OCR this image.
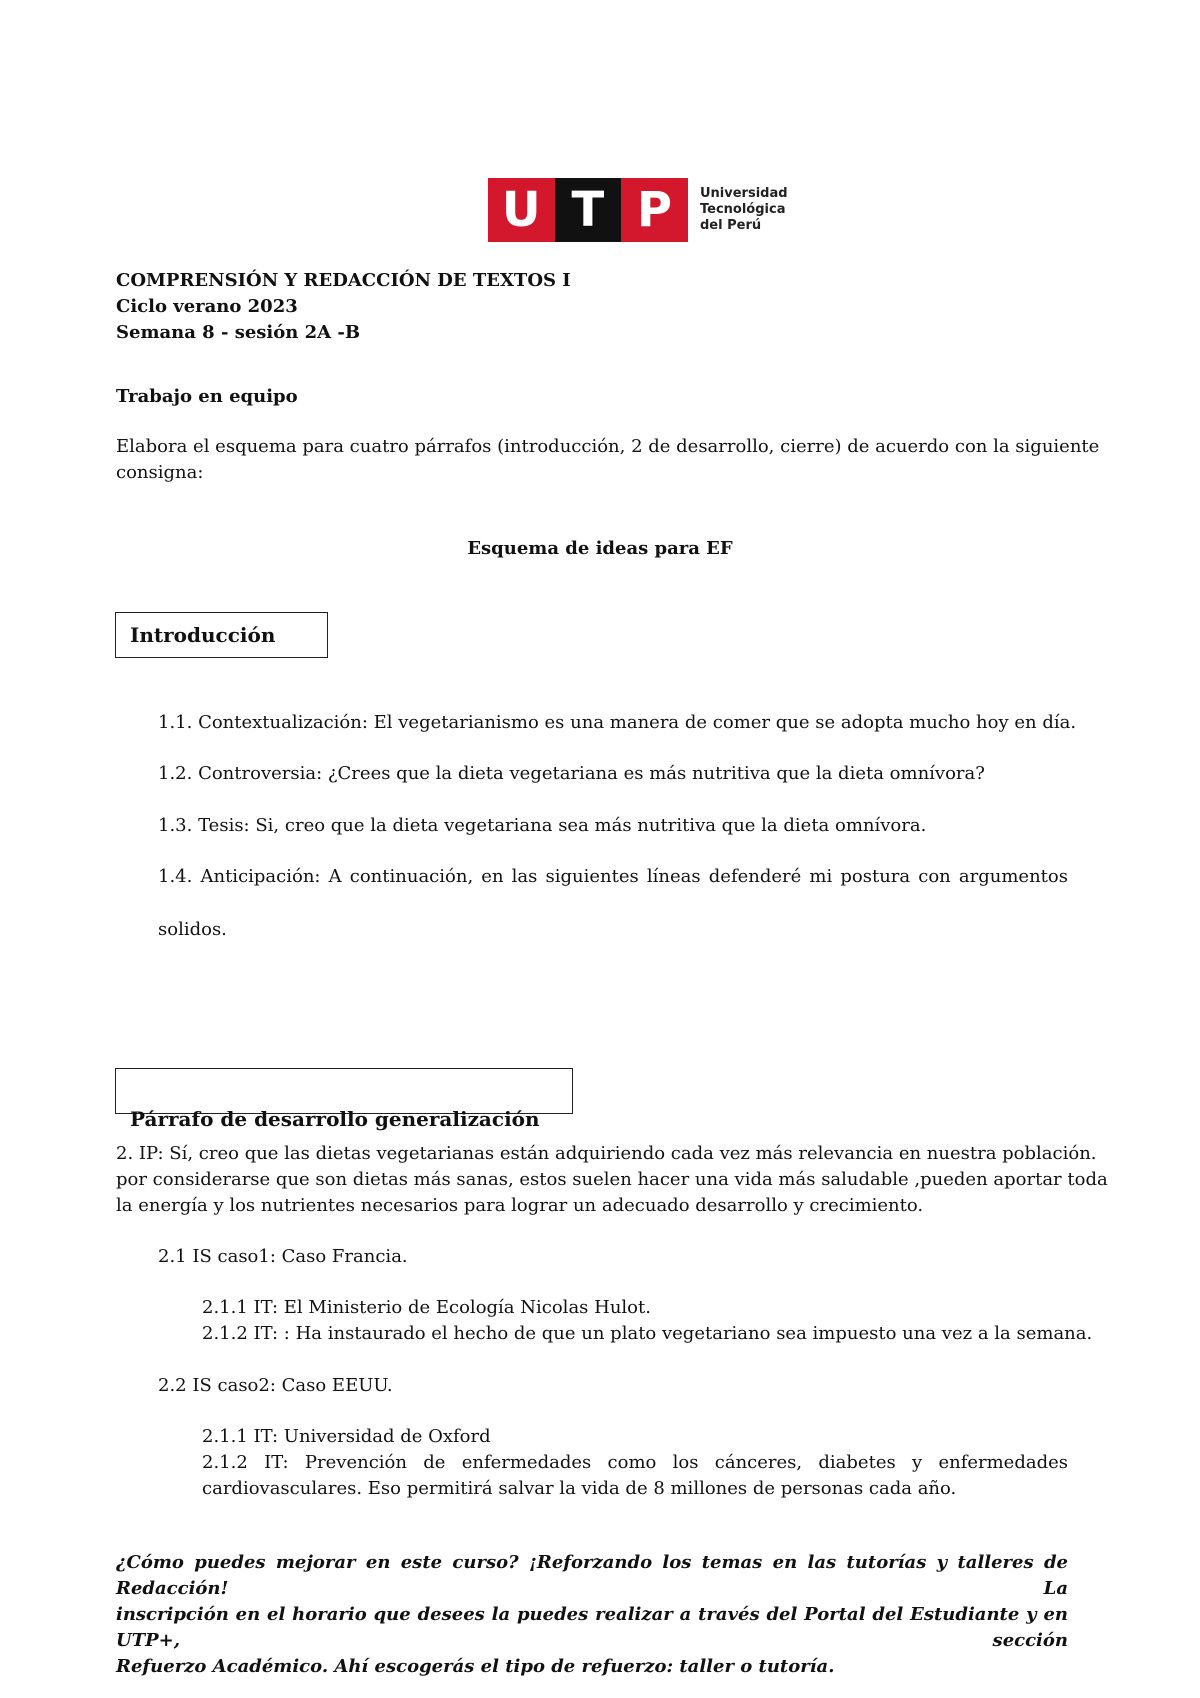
U T P	Universidad
Tecnológica
del Perú
COMPRENSIÓN Y REDACCIÓN DE TEXTOS I
Ciclo verano 2023
Semana 8 - sesión 2A -B
Trabajo en equipo
Elabora el esquema para cuatro párrafos (introducción, 2 de desarrollo, cierre) de acuerdo con la siguiente
consigna:
Esquema de ideas para EF
Introducción
1.1. Contextualización: El vegetarianismo es una manera de comer que se adopta mucho hoy en día.
1.2. Controversia: ¿Crees que la dieta vegetariana es más nutritiva que la dieta omnívora?
1.3. Tesis: Si, creo que la dieta vegetariana sea más nutritiva que la dieta omnívora.
1.4. Anticipación: A continuación, en las siguientes líneas defenderé mi postura con argumentos
solidos.
Párrafo de desarrollo generalización
2. IP: Sí, creo que las dietas vegetarianas están adquiriendo cada vez más relevancia en nuestra población.
por considerarse que son dietas más sanas, estos suelen hacer una vida más saludable ,pueden aportar toda
la energía y los nutrientes necesarios para lograr un adecuado desarrollo y crecimiento.
2.1 IS caso1: Caso Francia.
2.1.1 IT: El Ministerio de Ecología Nicolas Hulot.
2.1.2 IT: : Ha instaurado el hecho de que un plato vegetariano sea impuesto una vez a la semana.
2.2 IS caso2: Caso EEUU.
2.1.1 IT: Universidad de Oxford
2.1.2 IT: Prevención de enfermedades como los cánceres, diabetes y enfermedades
cardiovasculares. Eso permitirá salvar la vida de 8 millones de personas cada año.
¿Cómo puedes mejorar en este curso? ¡Reforzando los temas en las tutorías y talleres de Redacción! La
inscripción en el horario que desees la puedes realizar a través del Portal del Estudiante y en UTP+, sección
Refuerzo Académico. Ahí escogerás el tipo de refuerzo: taller o tutoría.
